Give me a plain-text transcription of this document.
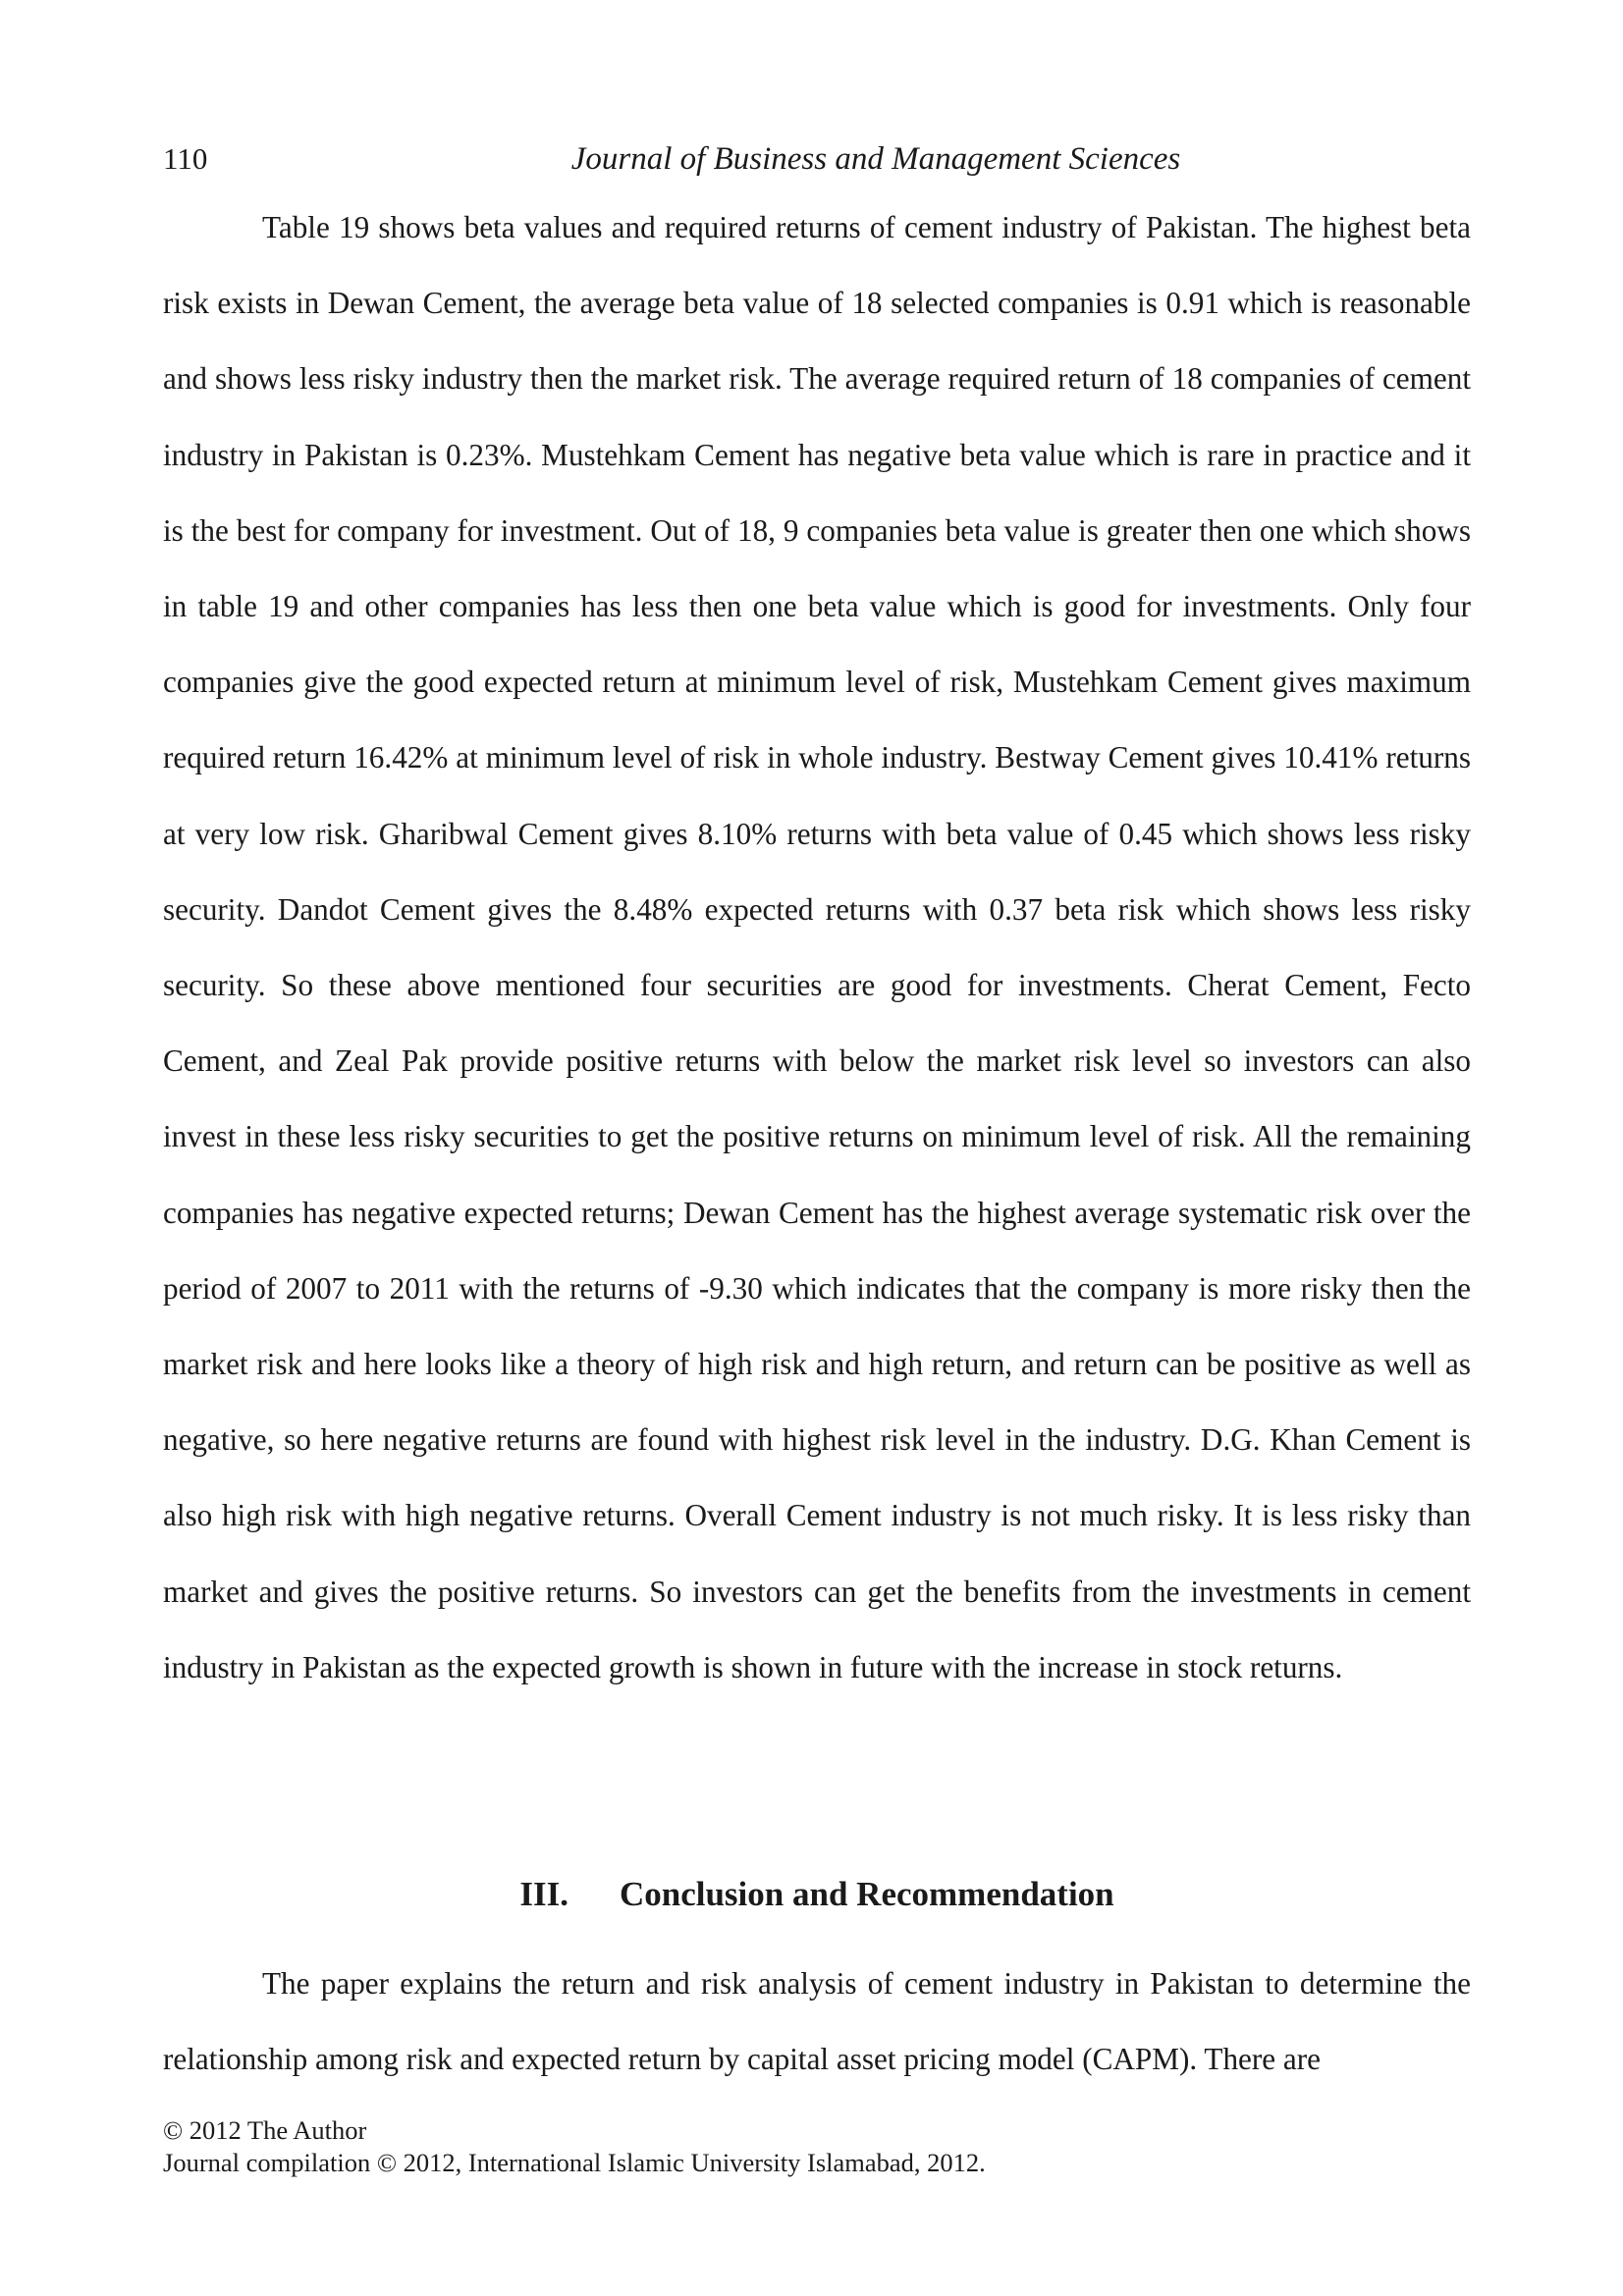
110	Journal of Business and Management Sciences

Table 19 shows beta values and required returns of cement industry of Pakistan. The highest beta risk exists in Dewan Cement, the average beta value of 18 selected companies is 0.91 which is reasonable and shows less risky industry then the market risk. The average required return of 18 companies of cement industry in Pakistan is 0.23%. Mustehkam Cement has negative beta value which is rare in practice and it is the best for company for investment. Out of 18, 9 companies beta value is greater then one which shows in table 19 and other companies has less then one beta value which is good for investments. Only four companies give the good expected return at minimum level of risk, Mustehkam Cement gives maximum required return 16.42% at minimum level of risk in whole industry. Bestway Cement gives 10.41% returns at very low risk. Gharibwal Cement gives 8.10% returns with beta value of 0.45 which shows less risky security. Dandot Cement gives the 8.48% expected returns with 0.37 beta risk which shows less risky security. So these above mentioned four securities are good for investments. Cherat Cement, Fecto Cement, and Zeal Pak provide positive returns with below the market risk level so investors can also invest in these less risky securities to get the positive returns on minimum level of risk. All the remaining companies has negative expected returns; Dewan Cement has the highest average systematic risk over the period of 2007 to 2011 with the returns of -9.30 which indicates that the company is more risky then the market risk and here looks like a theory of high risk and high return, and return can be positive as well as negative, so here negative returns are found with highest risk level in the industry. D.G. Khan Cement is also high risk with high negative returns. Overall Cement industry is not much risky. It is less risky than market and gives the positive returns. So investors can get the benefits from the investments in cement industry in Pakistan as the expected growth is shown in future with the increase in stock returns.

III. Conclusion and Recommendation

The paper explains the return and risk analysis of cement industry in Pakistan to determine the relationship among risk and expected return by capital asset pricing model (CAPM). There are

© 2012 The Author
Journal compilation © 2012, International Islamic University Islamabad, 2012.
